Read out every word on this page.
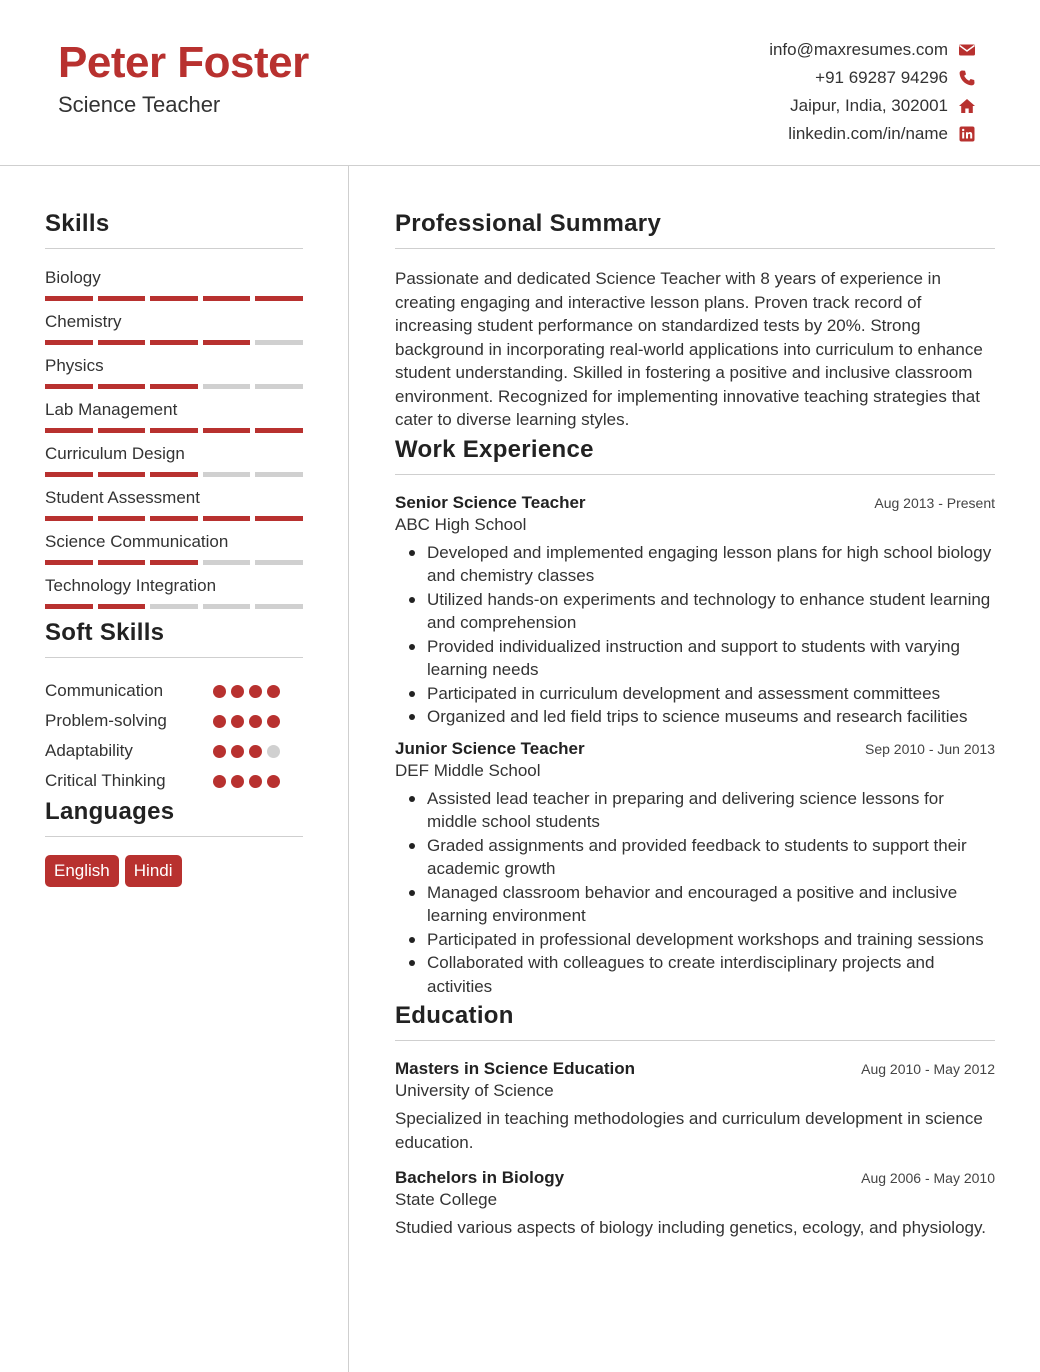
Peter Foster
Science Teacher
info@maxresumes.com
+91 69287 94296
Jaipur, India, 302001
linkedin.com/in/name
Skills
Biology
Chemistry
Physics
Lab Management
Curriculum Design
Student Assessment
Science Communication
Technology Integration
Soft Skills
Communication
Problem-solving
Adaptability
Critical Thinking
Languages
English	Hindi
Professional Summary

Passionate and dedicated Science Teacher with 8 years of experience in creating engaging and interactive lesson plans. Proven track record of increasing student performance on standardized tests by 20%. Strong background in incorporating real-world applications into curriculum to enhance student understanding. Skilled in fostering a positive and inclusive classroom environment. Recognized for implementing innovative teaching strategies that cater to diverse learning styles.

Work Experience
Senior Science Teacher	Aug 2013 - Present
ABC High School
Developed and implemented engaging lesson plans for high school biology and chemistry classes
Utilized hands-on experiments and technology to enhance student learning and comprehension
Provided individualized instruction and support to students with varying learning needs
Participated in curriculum development and assessment committees
Organized and led field trips to science museums and research facilities
Junior Science Teacher	Sep 2010 - Jun 2013
DEF Middle School
Assisted lead teacher in preparing and delivering science lessons for middle school students
Graded assignments and provided feedback to students to support their academic growth
Managed classroom behavior and encouraged a positive and inclusive learning environment
Participated in professional development workshops and training sessions
Collaborated with colleagues to create interdisciplinary projects and activities
Education
Masters in Science Education	Aug 2010 - May 2012
University of Science

Specialized in teaching methodologies and curriculum development in science education.

Bachelors in Biology	Aug 2006 - May 2010
State College

Studied various aspects of biology including genetics, ecology, and physiology.
